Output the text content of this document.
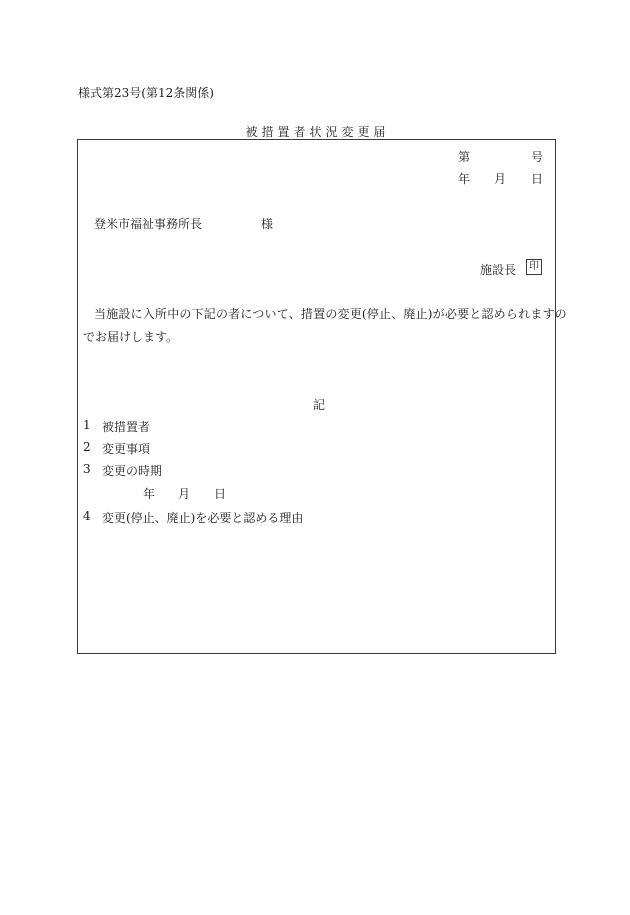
様式第23号(第12条関係)
被措置者状況変更届
第	号
年 月 日
登米市福祉事務所長	様
施設長	印
当施設に入所中の下記の者について、措置の変更(停止、廃止)が必要と認められますの
でお届けします。
記
1 被措置者
2 変更事項
3 変更の時期
年 月 日
4 変更(停止、廃止)を必要と認める理由
